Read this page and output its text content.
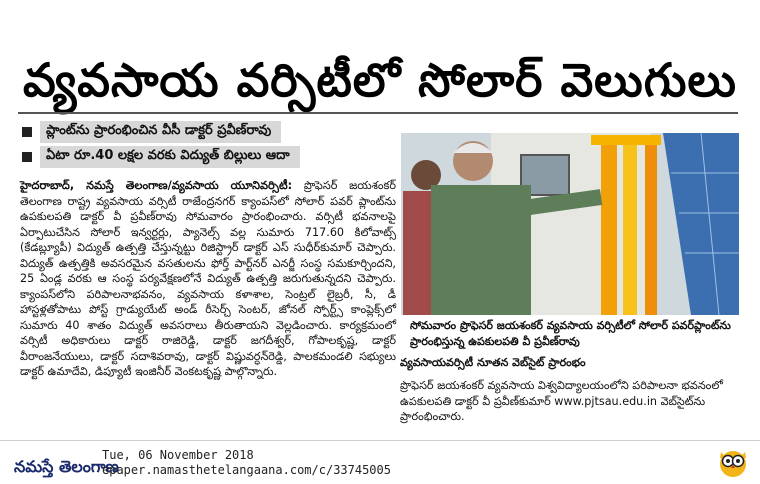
వ్యవసాయ వర్సిటీలో సోలార్ వెలుగులు
ప్లాంట్‌ను ప్రారంభించిన వీసీ డాక్టర్ ప్రవీణ్‌రావు
ఏటా రూ.40 లక్షల వరకు విద్యుత్ బిల్లులు ఆదా
హైదరాబాద్, నమస్తే తెలంగాణ/వ్యవసాయ యూనివర్సిటీ: ప్రొఫెసర్ జయశంకర్ తెలంగాణ రాష్ట్ర వ్యవసాయ వర్సిటీ రాజేంద్రనగర్ క్యాంపస్‌లో సోలార్ పవర్ ప్లాంట్‌ను ఉపకులపతి డాక్టర్ వీ ప్రవీణ్‌రావు సోమవారం ప్రారంభించారు. వర్సిటీ భవనాలపై ఏర్పాటుచేసిన సోలార్ ఇన్వర్టర్లు, ప్యానెల్స్ వల్ల సుమారు 717.60 కిలోవాట్స్ (కేడబ్ల్యూపీ) విద్యుత్ ఉత్పత్తి చేస్తున్నట్టు రిజిస్ట్రార్ డాక్టర్ ఎస్ సుధీర్‌కుమార్ చెప్పారు. విద్యుత్ ఉత్పత్తికి అవసరమైన వసతులను ఫోర్త్ పార్ట్‌నర్ ఎనర్జీ సంస్థ సమకూర్చిందని, 25 ఏండ్ల వరకు ఆ సంస్థ పర్యవేక్షణలోనే విద్యుత్ ఉత్పత్తి జరుగుతున్నదని చెప్పారు. క్యాంపస్‌లోని పరిపాలనాభవనం, వ్యవసాయ కళాశాల, సెంట్రల్ లైబ్రరీ, సీ, డీ హాస్టళ్లతోపాటు పోస్ట్ గ్రాడ్యుయేట్ అండ్ రీసెర్చ్ సెంటర్, జోనల్ స్పోర్ట్స్ కాంప్లెక్స్‌లో సుమారు 40 శాతం విద్యుత్ అవసరాలు తీరుతాయని వెల్లడించారు. కార్యక్రమంలో వర్సిటీ అధికారులు డాక్టర్ రాజిరెడ్డి, డాక్టర్ జగదీశ్వర్, గోపాలకృష్ణ, డాక్టర్ వీరాంజనేయులు, డాక్టర్ సదాశివరావు, డాక్టర్ విష్ణువర్ధన్‌రెడ్డి, పాలకమండలి సభ్యులు డాక్టర్ ఉమాదేవి, డిప్యూటీ ఇంజినీర్ వెంకటకృష్ణ పాల్గొన్నారు.
సోమవారం ప్రొఫెసర్ జయశంకర్ వ్యవసాయ వర్సిటీలో సోలార్ పవర్‌ప్లాంట్‌ను ప్రారంభిస్తున్న ఉపకులపతి వీ ప్రవీణ్‌రావు
వ్యవసాయవర్సిటీ నూతన వెబ్‌సైట్ ప్రారంభం
ప్రొఫెసర్ జయశంకర్ వ్యవసాయ విశ్వవిద్యాలయంలోని పరిపాలనా భవనంలో ఉపకులపతి డాక్టర్ వీ ప్రవీణ్‌కుమార్ www.pjtsau.edu.in వెబ్‌సైట్‌ను ప్రారంభించారు.
నమస్తే తెలంగాణ
Tue, 06 November 2018
epaper.namasthetelangaana.com/c/33745005
